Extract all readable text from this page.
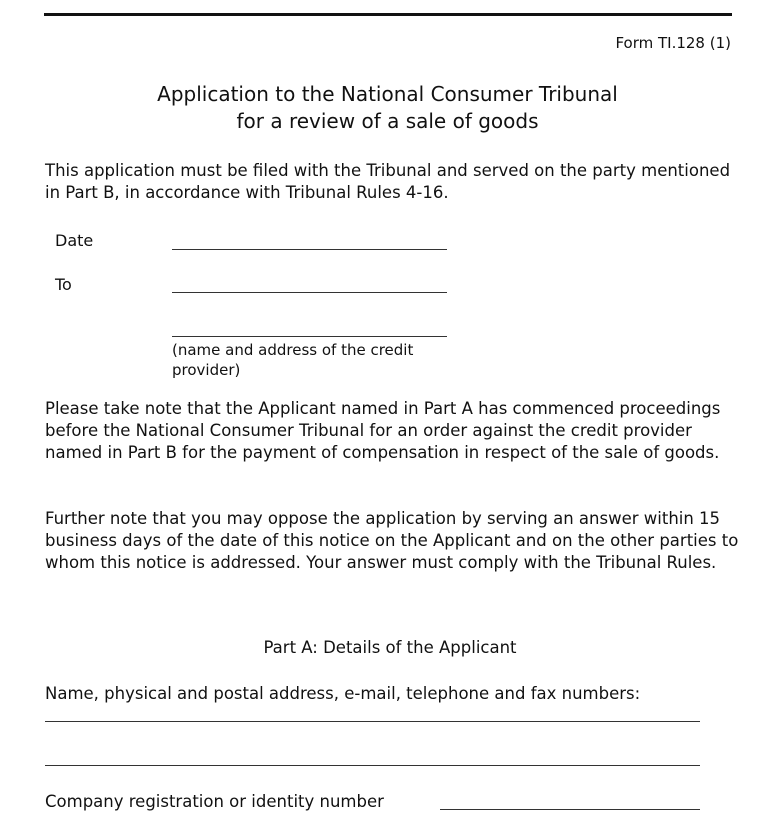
Form TI.128 (1)
Application to the National Consumer Tribunal
for a review of a sale of goods

This application must be filed with the Tribunal and served on the party mentioned in Part B, in accordance with Tribunal Rules 4-16.

Date
To
(name and address of the credit provider)

Please take note that the Applicant named in Part A has commenced proceedings before the National Consumer Tribunal for an order against the credit provider named in Part B for the payment of compensation in respect of the sale of goods.

Further note that you may oppose the application by serving an answer within 15 business days of the date of this notice on the Applicant and on the other parties to whom this notice is addressed. Your answer must comply with the Tribunal Rules.

Part A: Details of the Applicant
Name, physical and postal address, e-mail, telephone and fax numbers:
Company registration or identity number
